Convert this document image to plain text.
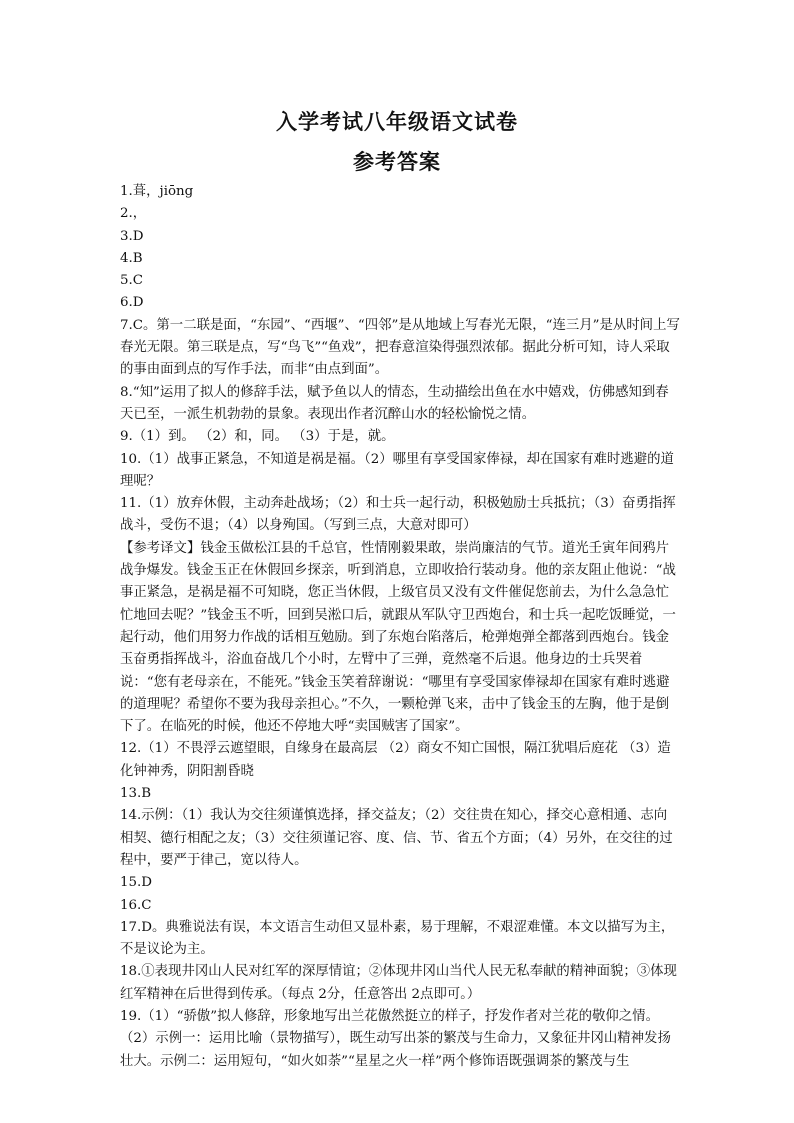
入学考试八年级语文试卷
参考答案

1.葺，jiōng

2.，

3.D

4.B

5.C

6.D

7.C。第一二联是面，“东园”、“西堰”、“四邻”是从地域上写春光无限，“连三月”是从时间上写春光无限。第三联是点，写“鸟飞”“鱼戏”，把春意渲染得强烈浓郁。据此分析可知，诗人采取的事由面到点的写作手法，而非“由点到面”。

8.“知”运用了拟人的修辞手法，赋予鱼以人的情态，生动描绘出鱼在水中嬉戏，仿佛感知到春天已至，一派生机勃勃的景象。表现出作者沉醉山水的轻松愉悦之情。

9.（1）到。 （2）和，同。 （3）于是，就。

10.（1）战事正紧急，不知道是祸是福。（2）哪里有享受国家俸禄，却在国家有难时逃避的道理呢？

11.（1）放弃休假，主动奔赴战场；（2）和士兵一起行动，积极勉励士兵抵抗；（3）奋勇指挥战斗，受伤不退；（4）以身殉国。（写到三点，大意对即可）

【参考译文】钱金玉做松江县的千总官，性情刚毅果敢，崇尚廉洁的气节。道光壬寅年间鸦片战争爆发。钱金玉正在休假回乡探亲，听到消息，立即收拾行装动身。他的亲友阻止他说：“战事正紧急，是祸是福不可知晓，您正当休假，上级官员又没有文件催促您前去，为什么急急忙忙地回去呢？”钱金玉不听，回到吴淞口后，就跟从军队守卫西炮台，和士兵一起吃饭睡觉，一起行动，他们用努力作战的话相互勉励。到了东炮台陷落后，枪弹炮弹全都落到西炮台。钱金玉奋勇指挥战斗，浴血奋战几个小时，左臂中了三弹，竟然毫不后退。他身边的士兵哭着说：“您有老母亲在，不能死。”钱金玉笑着辞谢说：“哪里有享受国家俸禄却在国家有难时逃避的道理呢？希望你不要为我母亲担心。”不久，一颗枪弹飞来，击中了钱金玉的左胸，他于是倒下了。在临死的时候，他还不停地大呼“卖国贼害了国家”。

12.（1）不畏浮云遮望眼，自缘身在最高层 （2）商女不知亡国恨，隔江犹唱后庭花 （3）造化钟神秀，阴阳割昏晓

13.B

14.示例：（1）我认为交往须谨慎选择，择交益友；（2）交往贵在知心，择交心意相通、志向相契、德行相配之友；（3）交往须谨记容、度、信、节、省五个方面；（4）另外，在交往的过程中，要严于律己，宽以待人。

15.D

16.C

17.D。典雅说法有误，本文语言生动但又显朴素，易于理解，不艰涩难懂。本文以描写为主，不是议论为主。

18.①表现井冈山人民对红军的深厚情谊；②体现井冈山当代人民无私奉献的精神面貌；③体现红军精神在后世得到传承。（每点 2分，任意答出 2点即可。）

19.（1）“骄傲”拟人修辞，形象地写出兰花傲然挺立的样子，抒发作者对兰花的敬仰之情。（2）示例一：运用比喻（景物描写），既生动写出茶的繁茂与生命力，又象征井冈山精神发扬壮大。示例二：运用短句，“如火如荼”“星星之火一样”两个修饰语既强调茶的繁茂与生
